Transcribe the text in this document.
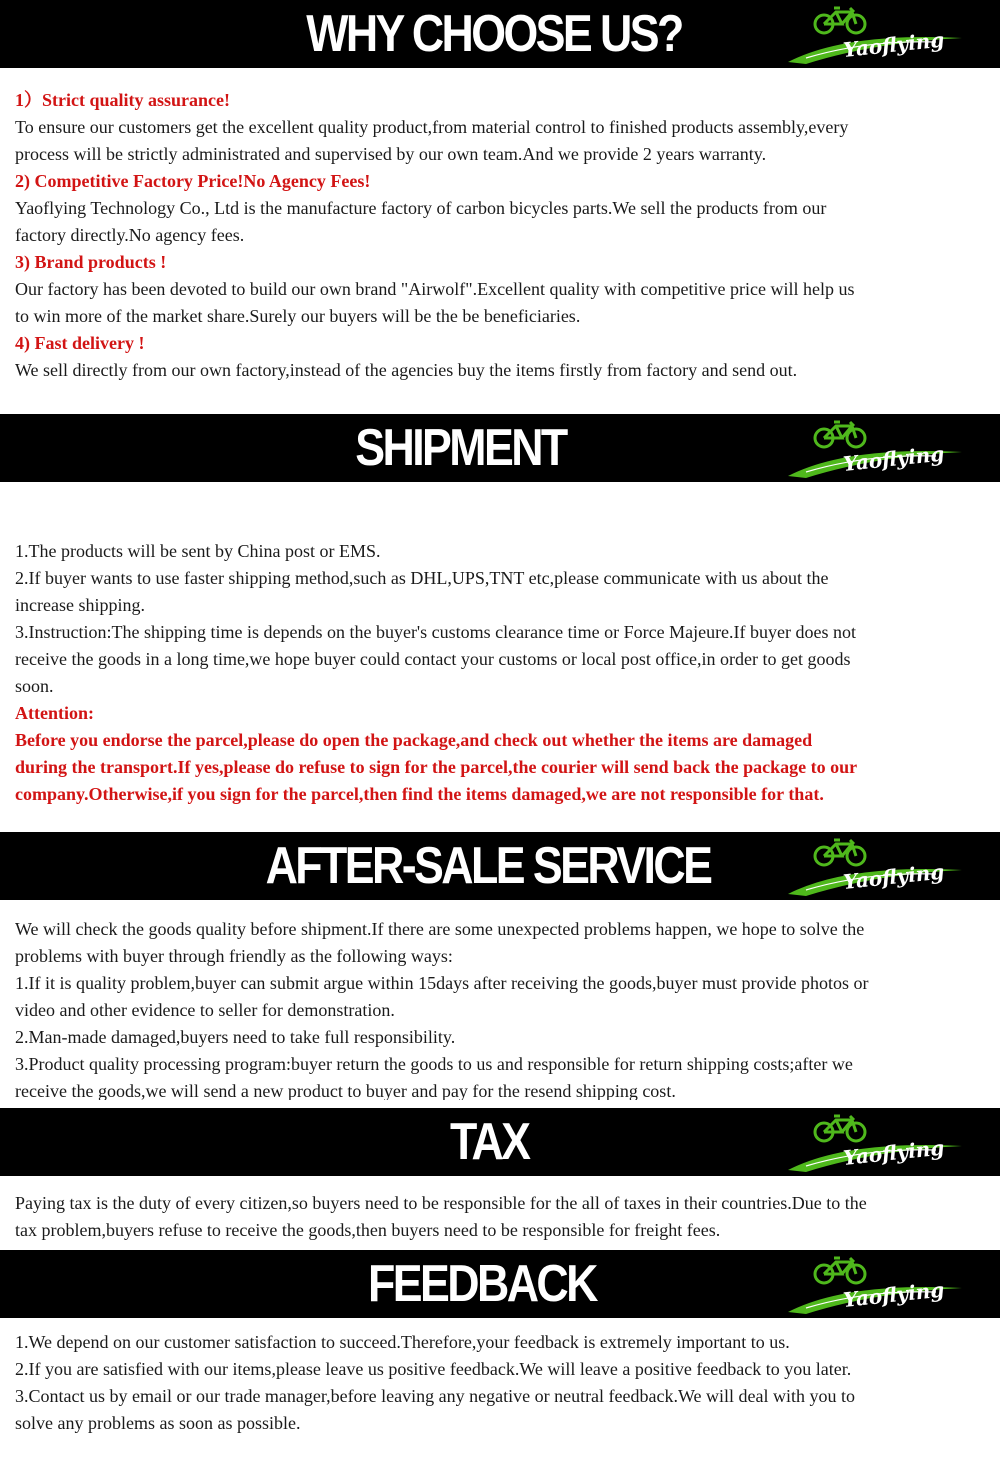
WHY CHOOSE US?	Yaoflying
1）Strict quality assurance!
To ensure our customers get the excellent quality product,from material control to finished products assembly,every
process will be strictly administrated and supervised by our own team.And we provide 2 years warranty.
2) Competitive Factory Price!No Agency Fees!
Yaoflying Technology Co., Ltd is the manufacture factory of carbon bicycles parts.We sell the products from our
factory directly.No agency fees.
3) Brand products !
Our factory has been devoted to build our own brand "Airwolf".Excellent quality with competitive price will help us
to win more of the market share.Surely our buyers will be the be beneficiaries.
4) Fast delivery !
We sell directly from our own factory,instead of the agencies buy the items firstly from factory and send out.
SHIPMENT	Yaoflying
1.The products will be sent by China post or EMS.
2.If buyer wants to use faster shipping method,such as DHL,UPS,TNT etc,please communicate with us about the
increase shipping.
3.Instruction:The shipping time is depends on the buyer's customs clearance time or Force Majeure.If buyer does not
receive the goods in a long time,we hope buyer could contact your customs or local post office,in order to get goods
soon.
Attention:
Before you endorse the parcel,please do open the package,and check out whether the items are damaged
during the transport.If yes,please do refuse to sign for the parcel,the courier will send back the package to our
company.Otherwise,if you sign for the parcel,then find the items damaged,we are not responsible for that.
AFTER-SALE SERVICE	Yaoflying
We will check the goods quality before shipment.If there are some unexpected problems happen, we hope to solve the
problems with buyer through friendly as the following ways:
1.If it is quality problem,buyer can submit argue within 15days after receiving the goods,buyer must provide photos or
video and other evidence to seller for demonstration.
2.Man-made damaged,buyers need to take full responsibility.
3.Product quality processing program:buyer return the goods to us and responsible for return shipping costs;after we
receive the goods,we will send a new product to buyer and pay for the resend shipping cost.
TAX	Yaoflying
Paying tax is the duty of every citizen,so buyers need to be responsible for the all of taxes in their countries.Due to the
tax problem,buyers refuse to receive the goods,then buyers need to be responsible for freight fees.
FEEDBACK	Yaoflying
1.We depend on our customer satisfaction to succeed.Therefore,your feedback is extremely important to us.
2.If you are satisfied with our items,please leave us positive feedback.We will leave a positive feedback to you later.
3.Contact us by email or our trade manager,before leaving any negative or neutral feedback.We will deal with you to
solve any problems as soon as possible.
